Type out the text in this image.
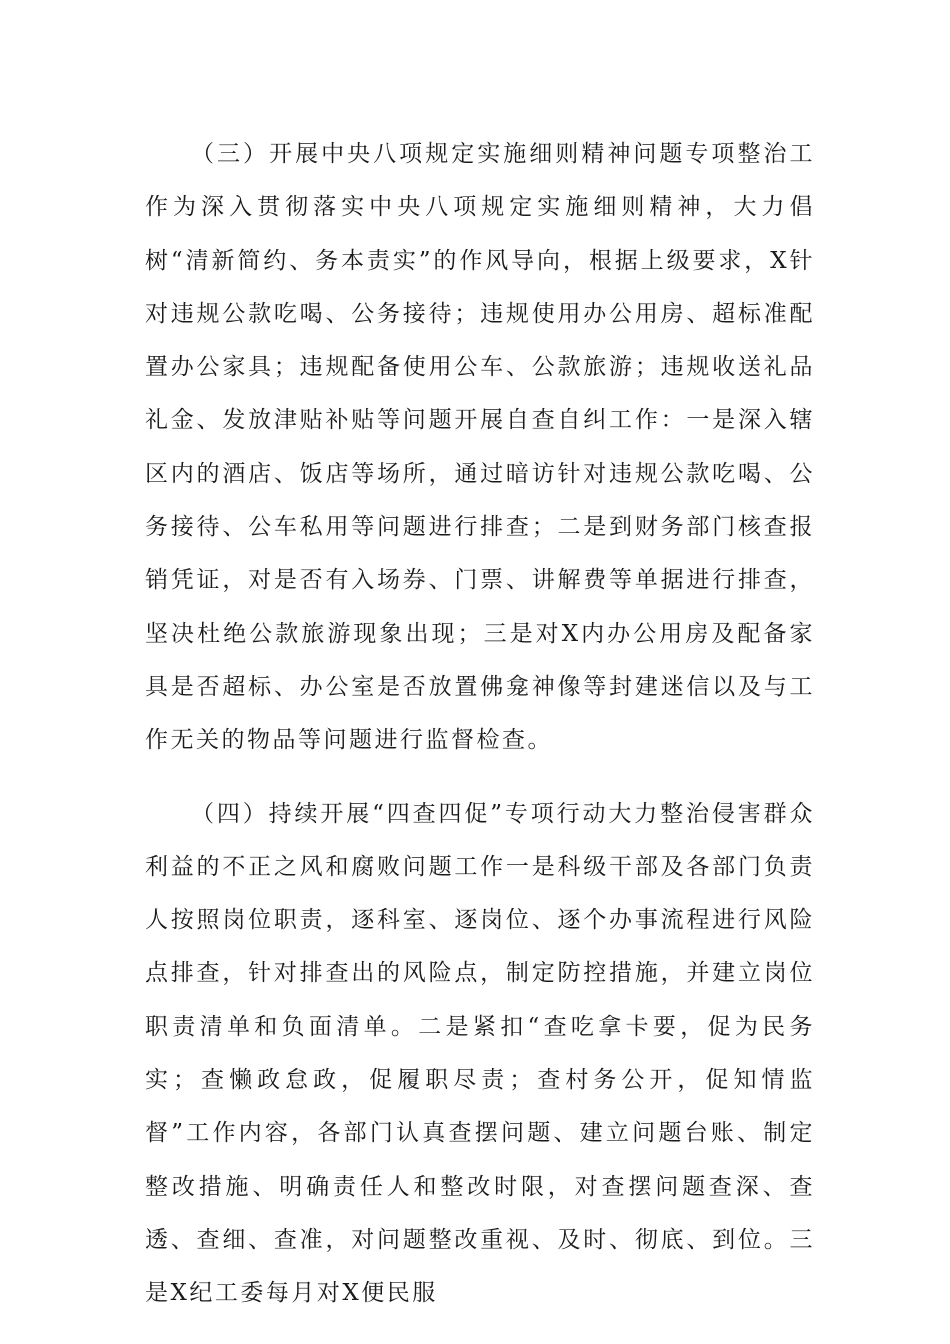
（三）开展中央八项规定实施细则精神问题专项整治工作为深入贯彻落实中央八项规定实施细则精神，大力倡树“清新简约、务本责实”的作风导向，根据上级要求，X针对违规公款吃喝、公务接待；违规使用办公用房、超标准配置办公家具；违规配备使用公车、公款旅游；违规收送礼品礼金、发放津贴补贴等问题开展自查自纠工作：一是深入辖区内的酒店、饭店等场所，通过暗访针对违规公款吃喝、公务接待、公车私用等问题进行排查；二是到财务部门核查报销凭证，对是否有入场券、门票、讲解费等单据进行排查，坚决杜绝公款旅游现象出现；三是对X内办公用房及配备家具是否超标、办公室是否放置佛龛神像等封建迷信以及与工作无关的物品等问题进行监督检查。

（四）持续开展“四查四促”专项行动大力整治侵害群众利益的不正之风和腐败问题工作一是科级干部及各部门负责人按照岗位职责，逐科室、逐岗位、逐个办事流程进行风险点排查，针对排查出的风险点，制定防控措施，并建立岗位职责清单和负面清单。二是紧扣“查吃拿卡要，促为民务实；查懒政怠政，促履职尽责；查村务公开，促知情监督”工作内容，各部门认真查摆问题、建立问题台账、制定整改措施、明确责任人和整改时限，对查摆问题查深、查透、查细、查准，对问题整改重视、及时、彻底、到位。三是X纪工委每月对X便民服
